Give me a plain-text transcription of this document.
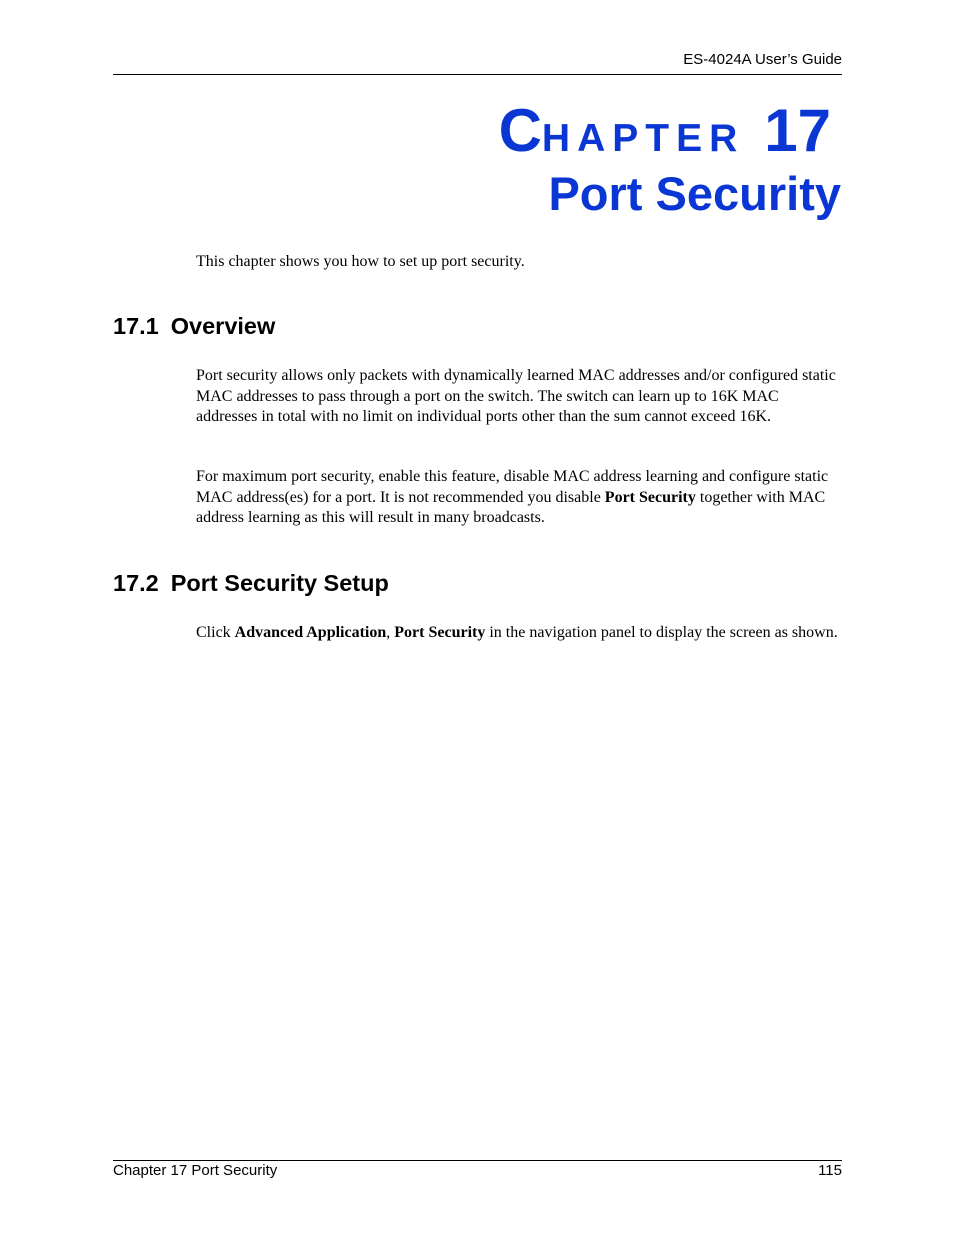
ES-4024A User’s Guide
CHAPTER 17
Port Security
This chapter shows you how to set up port security.
17.1 Overview
Port security allows only packets with dynamically learned MAC addresses and/or configured static MAC addresses to pass through a port on the switch. The switch can learn up to 16K MAC addresses in total with no limit on individual ports other than the sum cannot exceed 16K.
For maximum port security, enable this feature, disable MAC address learning and configure static MAC address(es) for a port. It is not recommended you disable Port Security together with MAC address learning as this will result in many broadcasts.
17.2 Port Security Setup
Click Advanced Application, Port Security in the navigation panel to display the screen as shown.
Chapter 17 Port Security	115
